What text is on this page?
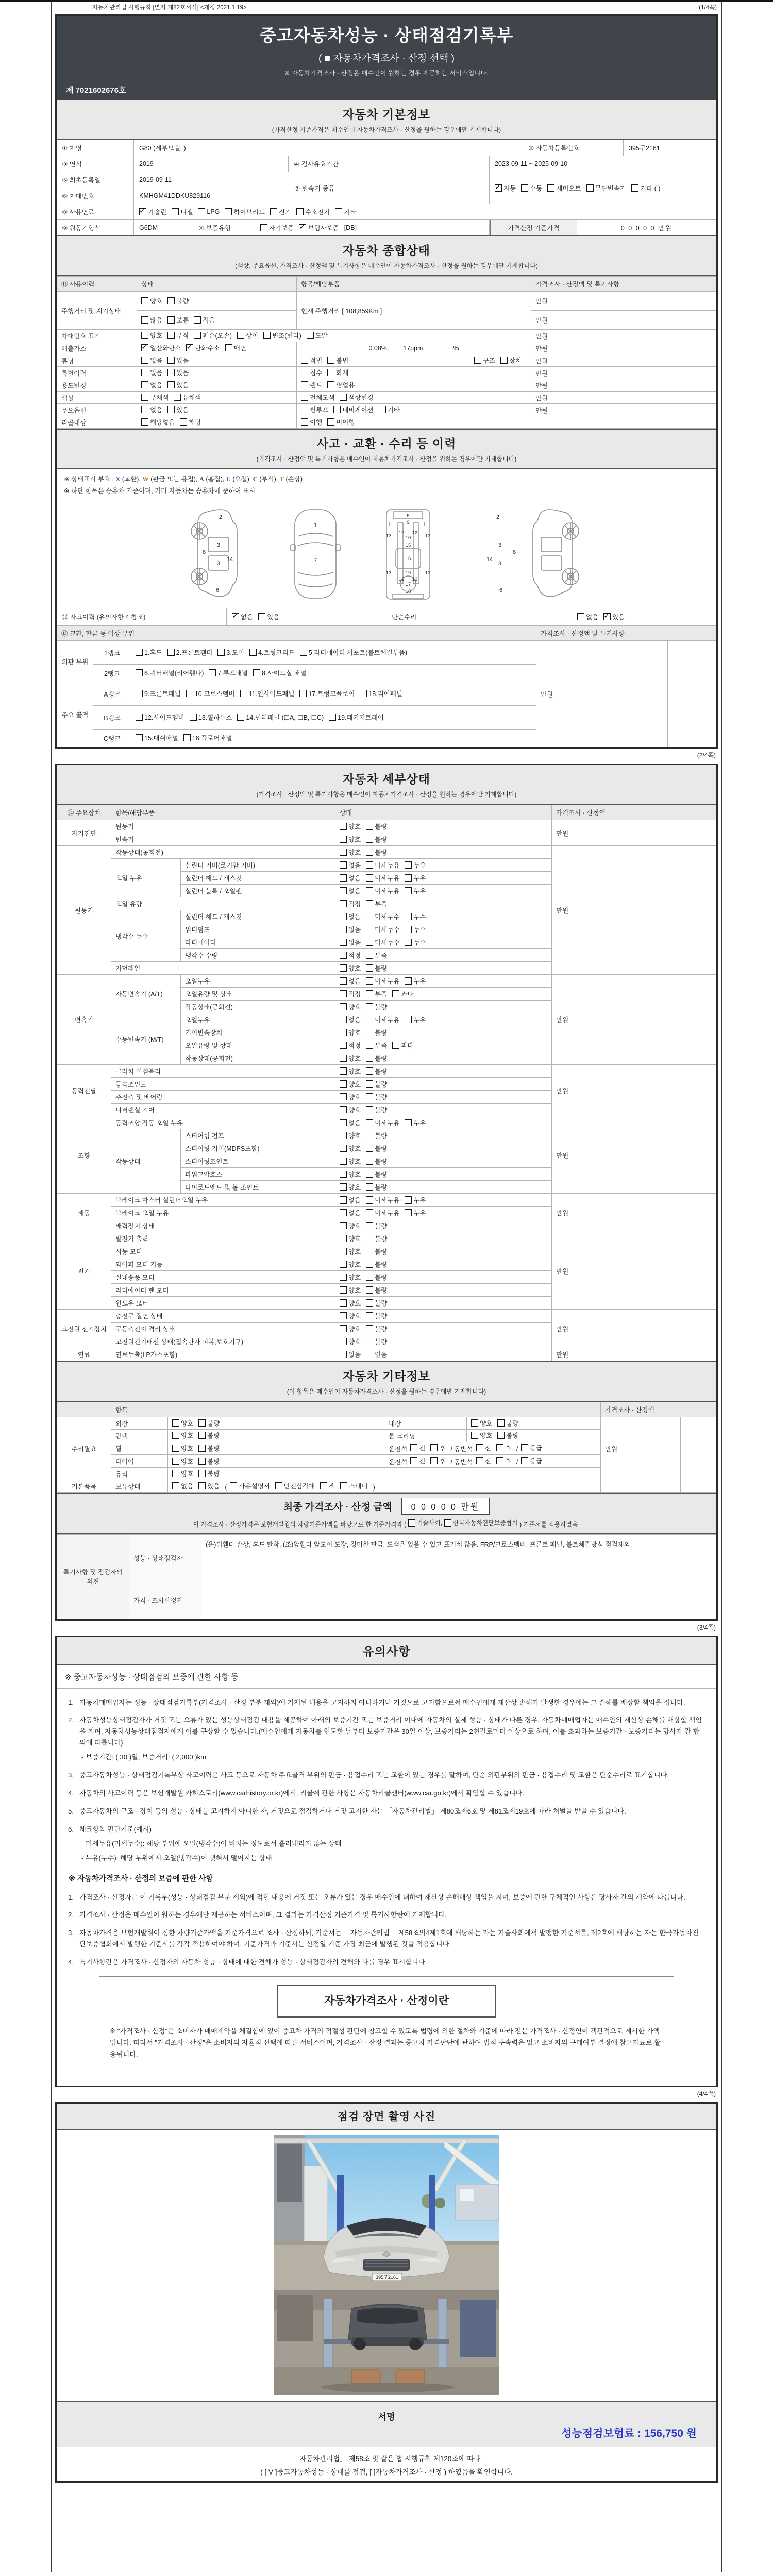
자동차관리법 시행규칙 [별지 제82호서식] <개정 2021.1.19>	(1/4쪽)
중고자동차성능 · 상태점검기록부
( ■ 자동차가격조사 · 산정 선택 )
※ 자동차가격조사 · 산정은 매수인이 원하는 경우 제공하는 서비스입니다.
제 7021602676호
자동차 기본정보
(가격산정 기준가격은 매수인이 자동차가격조사 · 산정을 원하는 경우에만 기재합니다)
① 차명	G80 (세부모델: )	② 자동차등록번호	395구2161
③ 연식	2019	④ 검사유효기간	2023-09-11 ~ 2025-09-10
⑤ 최초등록일	2019-09-11
⑥ 차대번호	KMHGM41DDKU829116
⑦ 변속기 종류 ✓	자동 수동 세미오토 무단변속기 기타 ( )
⑧ 사용연료 ✓	가솔린 디젤 LPG 하이브리드 전기 수소전기 기타
⑨ 원동기형식	G6DM	⑩ 보증유형	자가보증 ✓ 보험사보증 [DB]	가격산정 기준가격	0 0 0 0 0 만원
자동차 종합상태
(색상, 주요옵션, 가격조사 · 산정액 및 특기사항은 매수인이 자동차가격조사 · 산정을 원하는 경우에만 기재합니다)
⑪ 사용이력	상태	항목/해당부품	가격조사 · 산정액 및 특기사항	
주행거리 및 계기상태	양호 불량	현재 주행거리 [ 108,859Km ]	만원	

	많음 보통 적음		만원	
차대번호 표기	양호 부식 훼손(오손) 상이 변조(변타) 도말	만원	
배출가스	
✓일산화탄소 ✓ 탄화수소 매연	0.08%,        17ppm,                %	만원	
튜닝	없음 있음	적법 불법 구조 장치	만원	
특별이력	없음 있음	침수 화재	만원	
용도변경	없음 있음	렌트 영업용	만원	
색상	무채색 유채색	전체도색 색상변경	만원	
주요옵션	없음 있음	썬루프 네비게이션 기타	만원	
리콜대상	해당없음 해당	이행 미이행		

사고 · 교환 · 수리 등 이력
(가격조사 · 산정액 및 특기사항은 매수인이 자동차가격조사 · 산정을 원하는 경우에만 기재합니다)
※ 상태표시 부호 : X (교환), W (판금 또는 용접), A (흠집), U (요철), C (부식), T (손상)
※ 하단 항목은 승용차 기준이며, 기타 자동차는 승용차에 준하여 표시
2
8
3
3
14
6
1
7
5
9
11	11
13	13
12 12
10
15
16
19
13	13
12 12
17
18
2
8
3
3
14
6
⑫ 사고이력 (유의사항 4.참조) ✓	없음 있음	단순수리	없음 ✓ 있음
⑬ 교환, 판금 등 이상 부위			가격조사 · 산정액 및 특기사항	
외판 부위	1랭크	1.후드 2.프론트휀더 3.도어 4.트렁크리드 5.라디에이터 서포트(볼트체결부품)	만원	
	2랭크	6.쿼터패널(리어휀다) 7.루프패널 8.사이드실 패널		

주요 골격	A랭크	9.프론트패널 10.크로스멤버 11.인사이드패널 17.트렁크플로어 18.리어패널		

	B랭크	12.사이드멤버 13.휠하우스 14.필러패널 (☐A, ☐B, ☐C) 19.패키지트레이		

	C랭크	15.대쉬패널 16.플로어패널		
(2/4쪽)
자동차 세부상태
(가격조사 · 산정액 및 특기사항은 매수인이 자동차가격조사 · 산정을 원하는 경우에만 기재합니다)
⑭ 주요장치	항목/해당부품		상태	가격조사 · 산정액	
자기진단	원동기		양호 불량	만원	
	변속기		양호 불량		

원동기	작동상태(공회전)		양호 불량	만원	
	오일 누유	실린더 커버(로커암 커버)	없음 미세누유 누유		

		실린더 헤드 / 개스킷	없음 미세누유 누유		

		실린더 블록 / 오일팬	없음 미세누유 누유		

	오일 유량		적정 부족		

	냉각수 누수	실린더 헤드 / 개스킷	없음 미세누수 누수		

		워터펌프	없음 미세누수 누수		

		라디에이터	없음 미세누수 누수		

		냉각수 수량	적정 부족		

	커먼레일		양호 불량		

변속기	자동변속기 (A/T)	오일누유	없음 미세누유 누유	만원	
		오일유량 및 상태	적정 부족 과다		

		작동상태(공회전)	양호 불량		

	수동변속기 (M/T)	오일누유	없음 미세누유 누유		

		기어변속장치	양호 불량		

		오일유량 및 상태	적정 부족 과다		

		작동상태(공회전)	양호 불량		

동력전달	클러치 어셈블리		양호 불량	만원	
	등속조인트		양호 불량		

	추진축 및 베어링		양호 불량		

	디퍼렌셜 기어		양호 불량		

조향	동력조향 작동 오일 누유		없음 미세누유 누유	만원	
	작동상태	스티어링 펌프	양호 불량		

		스티어링 기어(MDPS포함)	양호 불량		

		스티어링조인트	양호 불량		

		파워고압호스	양호 불량		

		타이로드엔드 및 볼 조인트	양호 불량		

제동	브레이크 마스터 실린더오일 누유		없음 미세누유 누유	만원	
	브레이크 오일 누유		없음 미세누유 누유		

	배력장치 상태		양호 불량		

전기	발전기 출력		양호 불량	만원	
	시동 모터		양호 불량		

	와이퍼 모터 기능		양호 불량		

	실내송풍 모터		양호 불량		

	라디에이터 팬 모터		양호 불량		

	윈도우 모터		양호 불량		

고전원 전기장치	충전구 절연 상태		양호 불량	만원	
	구동축전지 격리 상태		양호 불량		

	고전원전기배선 상태(접속단자,피복,보호기구)		양호 불량		

연료	연료누출(LP가스포함)		없음 있음	만원	
자동차 기타정보
(이 항목은 매수인이 자동차가격조사 · 산정을 원하는 경우에만 기재합니다)
	항목				가격조사 · 산정액	
수리필요	외장	양호 불량	내장	양호 불량	만원	
	광택	양호 불량	룸 크리닝	양호 불량		

휠	양호 불량	운전석 전 후 / 동반석 전 후 / 응급

타이어	양호 불량	운전석 전 후 / 동반석 전 후 / 응급

	유리	양호 불량				

기본품목	보유상태	없음 있음 ( 사용설명서 안전삼각대 잭 스패너 )		
최종 가격조사 · 산정 금액	0 0 0 0 0 만원
이 가격조사 · 산정가격은 보험개발원의 차량기준가액을 바탕으로 한 기준가격과 ( 기술사회, 한국자동차진단보증협회 ) 기준서를 적용하였음
특기사항 및 점검자의 의견	성능 · 상태점검자	(운)뒤휀다 손상, 후드 탈착, (조)앞휀다 앞도어 도장, 경미한 판금, 도색은 있을 수 있고 표기치 않음. FRP/크로스멤버, 프론트 패널, 볼트체결방식 점검제외.
	가격 · 조사산정자	
(3/4쪽)
유의사항
※ 중고자동차성능 · 상태점검의 보증에 관한 사항 등
1. 자동차매매업자는 성능 · 상태점검기록부(가격조사 · 산정 부분 제외)에 기재된 내용을 고지하지 아니하거나 거짓으로 고지함으로써 매수인에게 재산상 손해가 발생한 경우에는 그 손해를 배상할 책임을 집니다.
2. 자동차성능상태점검자가 거짓 또는 오류가 있는 성능상태점검 내용을 제공하여 아래의 보증기간 또는 보증거리 이내에 자동차의 실제 성능 · 상태가 다른 경우, 자동차매매업자는 매수인의 재산상 손해를 배상할 책임을 지며, 자동차성능상태점검자에게 이를 구상할 수 있습니다.(매수인에게 자동차를 인도한 날부터 보증기간은 30일 이상, 보증거리는 2천킬로미터 이상으로 하며, 이를 초과하는 보증기간 · 보증거리는 당사자 간 합의에 따릅니다)
- 보증기간: ( 30 )일, 보증거리: ( 2,000 )km
3. 중고자동차성능 · 상태점검기록부상 사고이력은 사고 등으로 자동차 주요골격 부위의 판금 · 용접수리 또는 교환이 있는 경우를 말하며, 단순 외판부위의 판금 · 용접수리 및 교환은 단순수리로 표기합니다.
4. 자동차의 사고이력 등은 보험개발원 카히스토리(www.carhistory.or.kr)에서, 리콜에 관한 사항은 자동차리콜센터(www.car.go.kr)에서 확인할 수 있습니다.
5. 중고자동차의 구조 · 장치 등의 성능 · 상태를 고지하지 아니한 자, 거짓으로 점검하거나 거짓 고지한 자는 「자동차관리법」 제80조제6호 및 제81조제19호에 따라 처벌을 받을 수 있습니다.
6. 체크항목 판단기준(예시)
- 미세누유(미세누수): 해당 부위에 오일(냉각수)이 비치는 정도로서 흘러내리지 않는 상태
- 누유(누수): 해당 부위에서 오일(냉각수)이 맺혀서 떨어지는 상태
※ 자동차가격조사 · 산정의 보증에 관한 사항
1. 가격조사 · 산정자는 이 기록부(성능 · 상태점검 부분 제외)에 적힌 내용에 거짓 또는 오류가 있는 경우 매수인에 대하여 재산상 손해배상 책임을 지며, 보증에 관한 구체적인 사항은 당사자 간의 계약에 따릅니다.
2. 가격조사 · 산정은 매수인이 원하는 경우에만 제공하는 서비스이며, 그 결과는 가격산정 기준가격 및 특기사항란에 기재합니다.
3. 자동차가격은 보험개발원이 정한 차량기준가액을 기준가격으로 조사 · 산정하되, 기준서는 「자동차관리법」 제58조의4제1호에 해당하는 자는 기술사회에서 발행한 기준서를, 제2호에 해당하는 자는 한국자동차진단보증협회에서 발행한 기준서를 각각 적용하여야 하며, 기준가격과 기준서는 산정일 기준 가장 최근에 발행된 것을 적용합니다.
4. 특기사항란은 가격조사 · 산정자의 자동차 성능 · 상태에 대한 견해가 성능 · 상태점검자의 견해와 다를 경우 표시합니다.
자동차가격조사 · 산정이란
※ "가격조사 · 산정"은 소비자가 매매계약을 체결함에 있어 중고차 가격의 적절성 판단에 참고할 수 있도록 법령에 의한 절차와 기준에 따라 전문 가격조사 · 산정인이 객관적으로 제시한 가액입니다. 따라서 "가격조사 · 산정"은 소비자의 자율적 선택에 따른 서비스이며, 가격조사 · 산정 결과는 중고차 가격판단에 관하여 법적 구속력은 없고 소비자의 구매여부 결정에 참고자료로 활용됩니다.
(4/4쪽)
점검 장면 촬영 사진
395구2161
서명
성능점검보험료 : 156,750 원
「자동차관리법」 제58조 및 같은 법 시행규칙 제120조에 따라
( [ V ]중고자동차성능 · 상태를 점검, [ ]자동차가격조사 · 산정 ) 하였음을 확인합니다.
